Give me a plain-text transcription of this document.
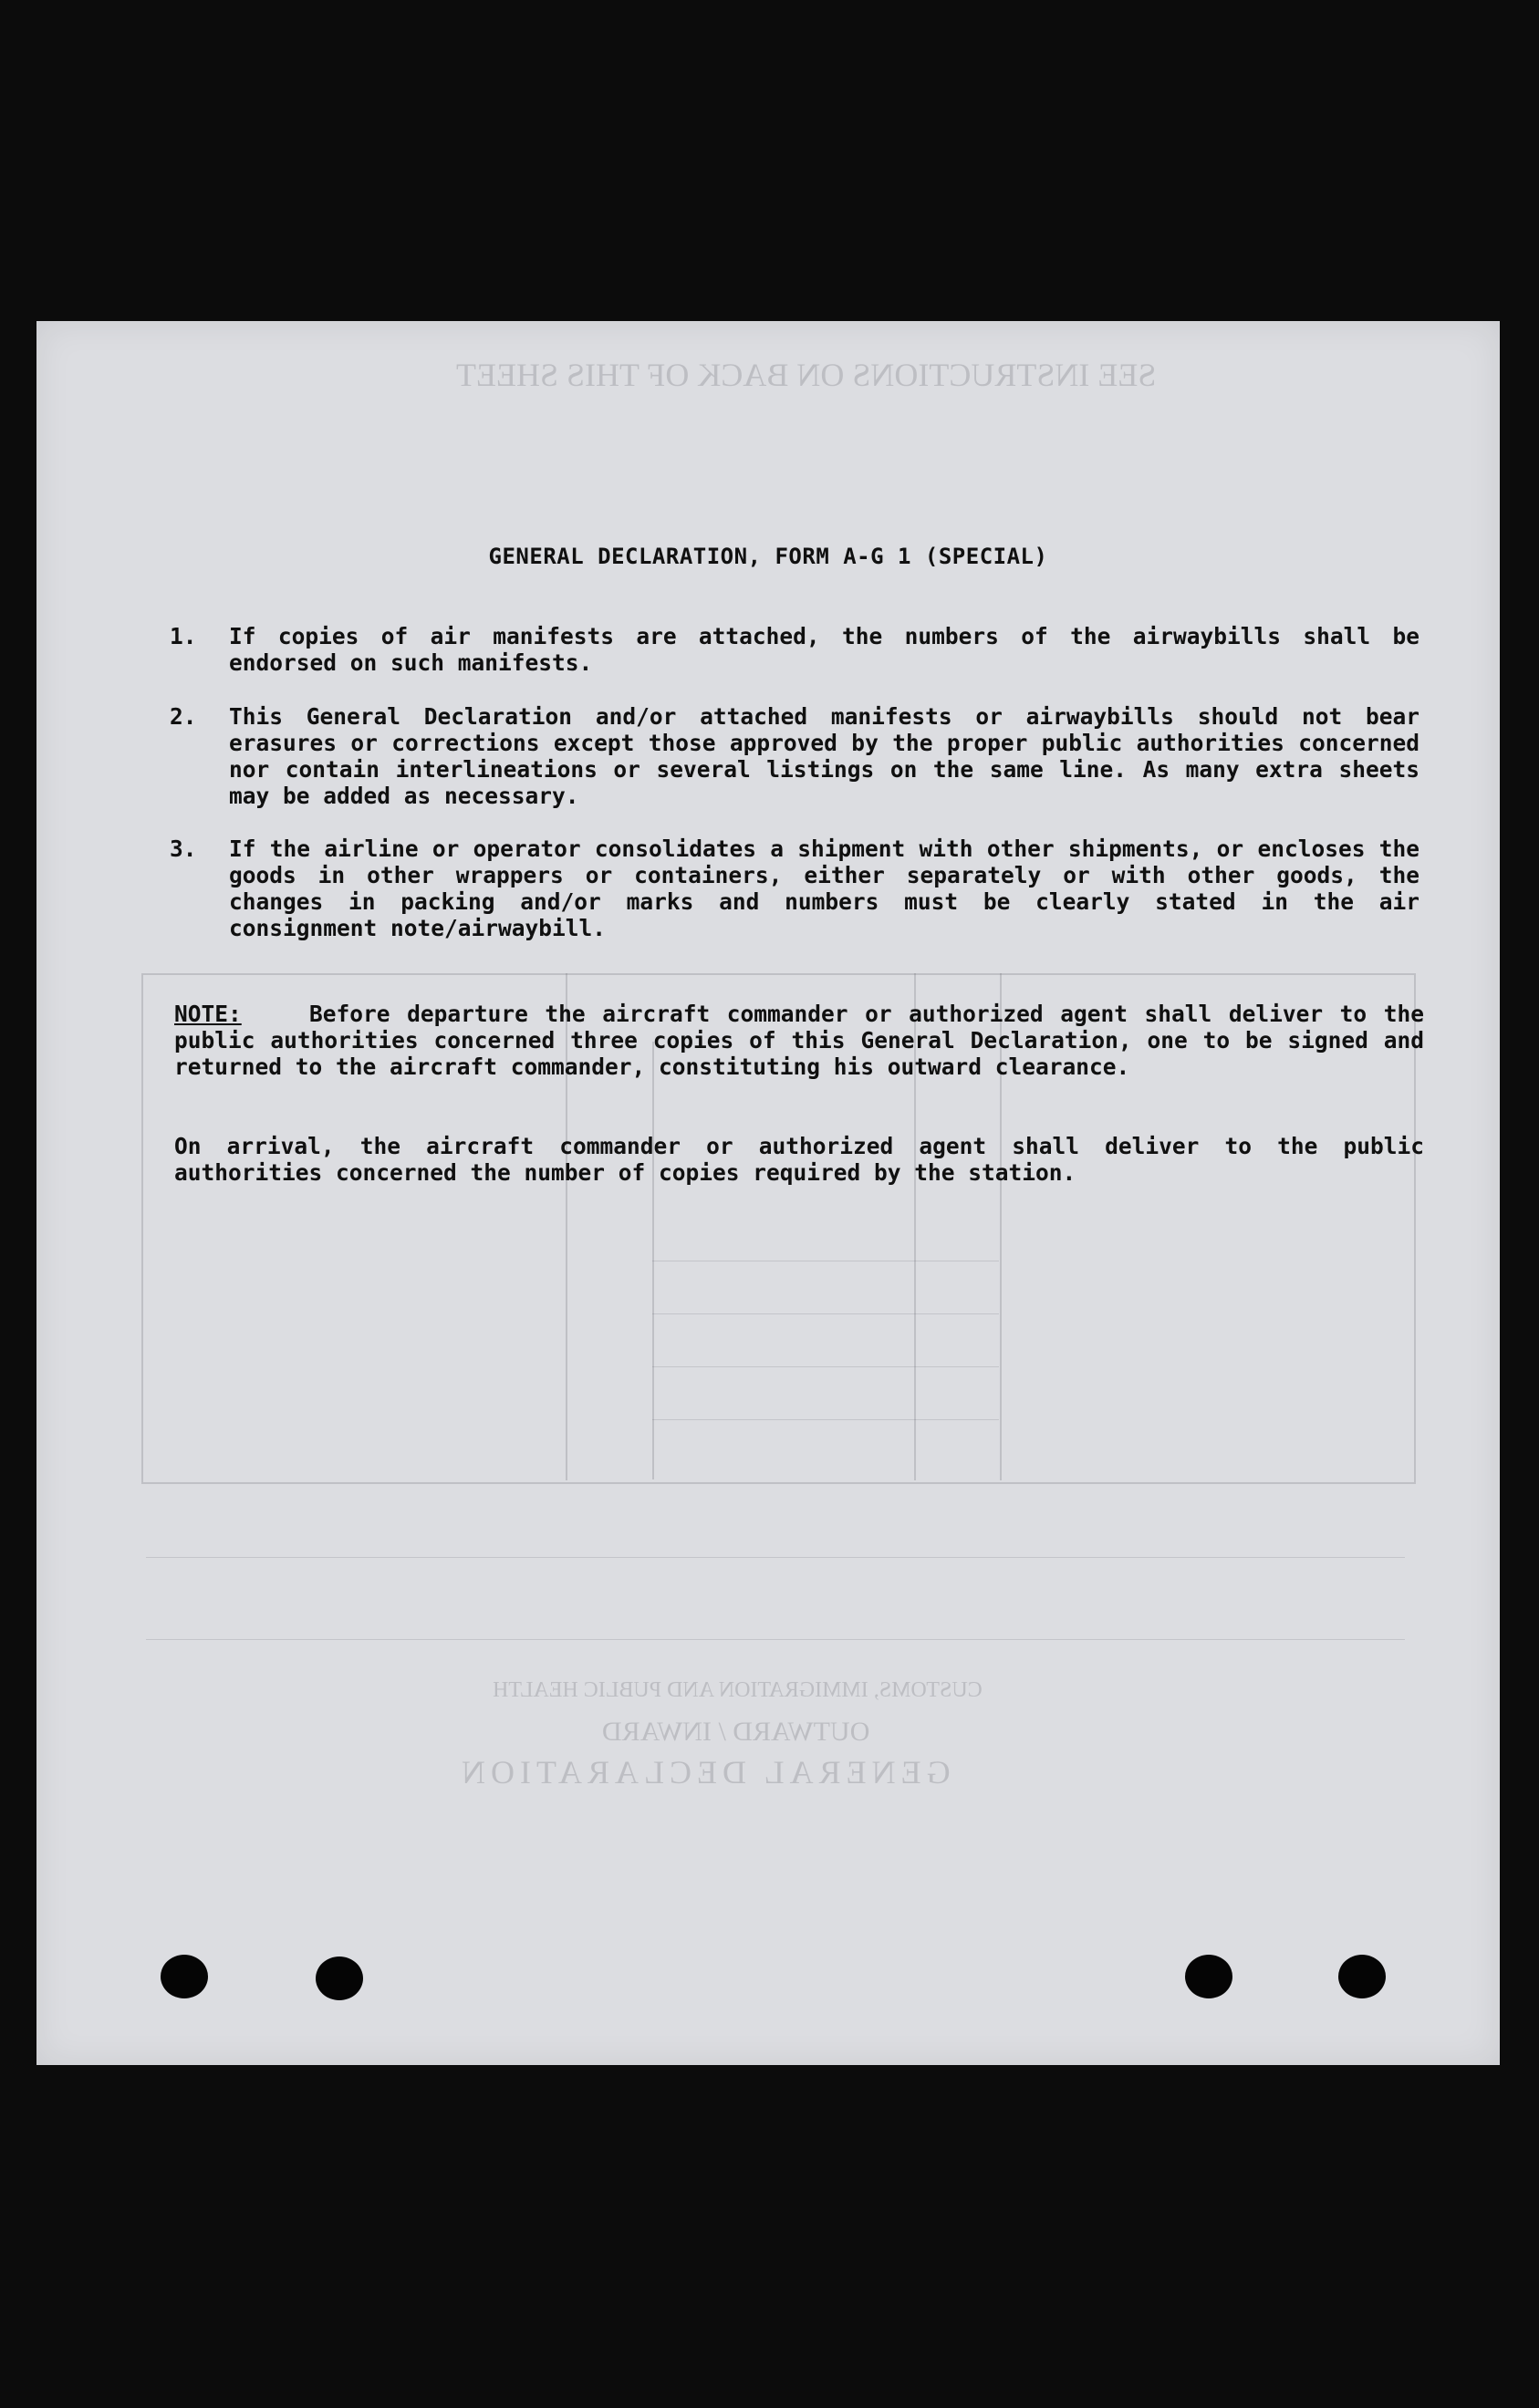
SEE INSTRUCTIONS ON BACK OF THIS SHEET
GENERAL DECLARATION
OUTWARD / INWARD
CUSTOMS, IMMIGRATION AND PUBLIC HEALTH
GENERAL DECLARATION, FORM A-G 1 (SPECIAL)
1.	If copies of air manifests are attached, the numbers of the airwaybills shall be endorsed on such manifests.
2.	This General Declaration and/or attached manifests or airwaybills should not bear erasures or corrections except those approved by the proper public authorities concerned nor contain interlineations or several listings on the same line. As many extra sheets may be added as necessary.
3.	If the airline or operator consolidates a shipment with other shipments, or encloses the goods in other wrappers or containers, either separately or with other goods, the changes in packing and/or marks and numbers must be clearly stated in the air consignment note/airwaybill.
NOTE:	Before departure the aircraft commander or authorized agent shall deliver to the public authorities concerned three copies of this General Declaration, one to be signed and returned to the aircraft commander, constituting his outward clearance.
On arrival, the aircraft commander or authorized agent shall deliver to the public authorities concerned the number of copies required by the station.
